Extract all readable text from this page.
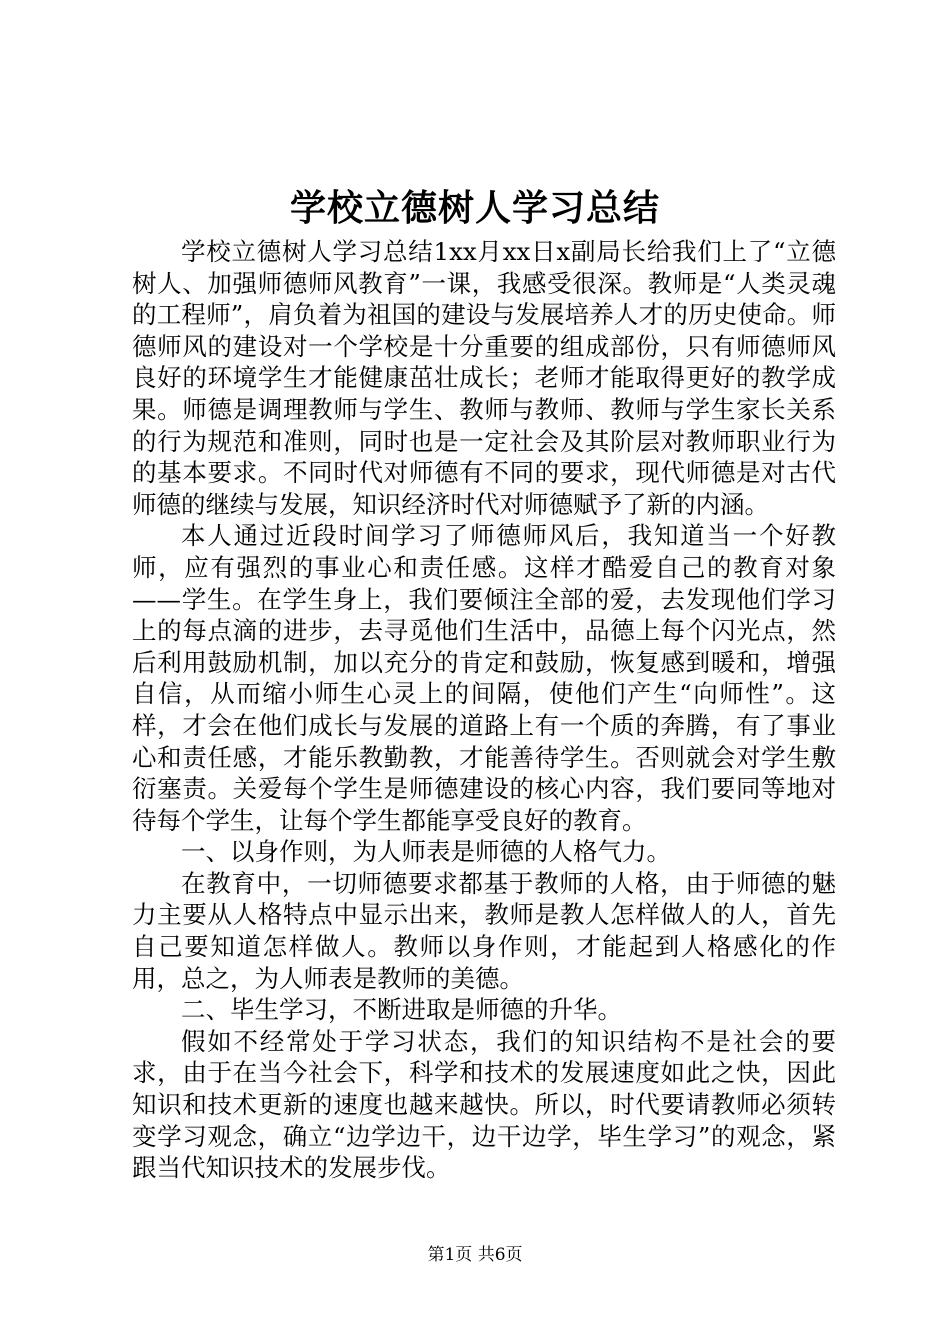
学校立德树人学习总结

学校立德树人学习总结1xx月xx日x副局长给我们上了“立德树人、加强师德师风教育”一课，我感受很深。教师是“人类灵魂的工程师”，肩负着为祖国的建设与发展培养人才的历史使命。师德师风的建设对一个学校是十分重要的组成部份，只有师德师风良好的环境学生才能健康茁壮成长；老师才能取得更好的教学成果。师德是调理教师与学生、教师与教师、教师与学生家长关系的行为规范和准则，同时也是一定社会及其阶层对教师职业行为的基本要求。不同时代对师德有不同的要求，现代师德是对古代师德的继续与发展，知识经济时代对师德赋予了新的内涵。

本人通过近段时间学习了师德师风后，我知道当一个好教师，应有强烈的事业心和责任感。这样才酷爱自己的教育对象——学生。在学生身上，我们要倾注全部的爱，去发现他们学习上的每点滴的进步，去寻觅他们生活中，品德上每个闪光点，然后利用鼓励机制，加以充分的肯定和鼓励，恢复感到暖和，增强自信，从而缩小师生心灵上的间隔，使他们产生“向师性”。这样，才会在他们成长与发展的道路上有一个质的奔腾，有了事业心和责任感，才能乐教勤教，才能善待学生。否则就会对学生敷衍塞责。关爱每个学生是师德建设的核心内容，我们要同等地对待每个学生，让每个学生都能享受良好的教育。

一、以身作则，为人师表是师德的人格气力。

在教育中，一切师德要求都基于教师的人格，由于师德的魅力主要从人格特点中显示出来，教师是教人怎样做人的人，首先自己要知道怎样做人。教师以身作则，才能起到人格感化的作用，总之，为人师表是教师的美德。

二、毕生学习，不断进取是师德的升华。

假如不经常处于学习状态，我们的知识结构不是社会的要求，由于在当今社会下，科学和技术的发展速度如此之快，因此知识和技术更新的速度也越来越快。所以，时代要请教师必须转变学习观念，确立“边学边干，边干边学，毕生学习”的观念，紧跟当代知识技术的发展步伐。

第1页 共6页
